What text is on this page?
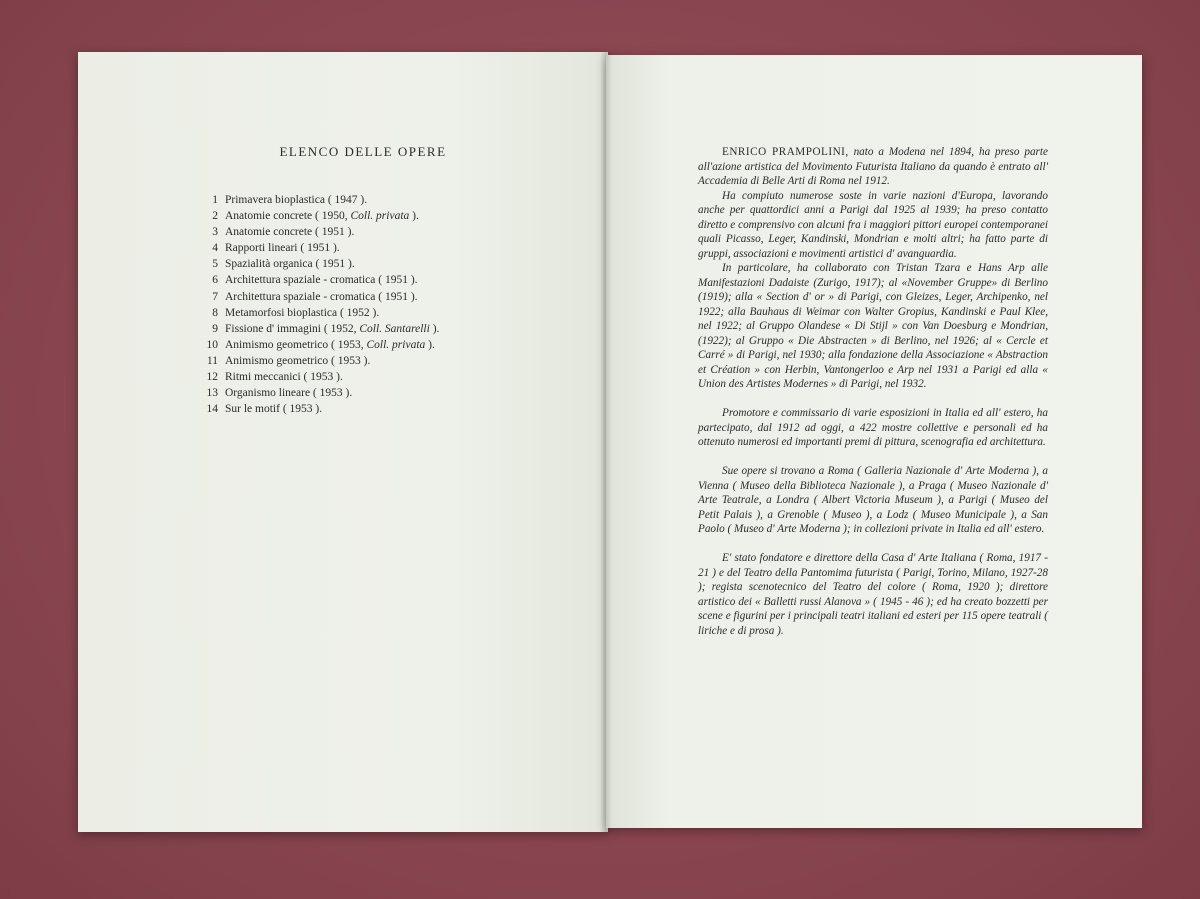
ELENCO DELLE OPERE
1 Primavera bioplastica ( 1947 ).
2 Anatomie concrete ( 1950, Coll. privata ).
3 Anatomie concrete ( 1951 ).
4 Rapporti lineari ( 1951 ).
5 Spazialità organica ( 1951 ).
6 Architettura spaziale - cromatica ( 1951 ).
7 Architettura spaziale - cromatica ( 1951 ).
8 Metamorfosi bioplastica ( 1952 ).
9 Fissione d' immagini ( 1952, Coll. Santarelli ).
10 Animismo geometrico ( 1953, Coll. privata ).
11 Animismo geometrico ( 1953 ).
12 Ritmi meccanici ( 1953 ).
13 Organismo lineare ( 1953 ).
14 Sur le motif ( 1953 ).

ENRICO PRAMPOLINI, nato a Modena nel 1894, ha preso parte all'azione artistica del Movimento Futurista Italiano da quando è entrato all' Accademia di Belle Arti di Roma nel 1912.

Ha compiuto numerose soste in varie nazioni d'Europa, lavorando anche per quattordici anni a Parigi dal 1925 al 1939; ha preso contatto diretto e comprensivo con alcuni fra i maggiori pittori europei contemporanei quali Picasso, Leger, Kandinski, Mondrian e molti altri; ha fatto parte di gruppi, associazioni e movimenti artistici d' avanguardia.

In particolare, ha collaborato con Tristan Tzara e Hans Arp alle Manifestazioni Dadaiste (Zurigo, 1917); al «November Gruppe» di Berlino (1919); alla « Section d' or » di Parigi, con Gleizes, Leger, Archipenko, nel 1922; alla Bauhaus di Weimar con Walter Gropius, Kandinski e Paul Klee, nel 1922; al Gruppo Olandese « Di Stijl » con Van Doesburg e Mondrian, (1922); al Gruppo « Die Abstracten » di Berlino, nel 1926; al « Cercle et Carré » di Parigi, nel 1930; alla fondazione della Associazione « Abstraction et Création » con Herbin, Vantongerloo e Arp nel 1931 a Parigi ed alla « Union des Artistes Modernes » di Parigi, nel 1932.

Promotore e commissario di varie esposizioni in Italia ed all' estero, ha partecipato, dal 1912 ad oggi, a 422 mostre collettive e personali ed ha ottenuto numerosi ed importanti premi di pittura, scenografia ed architettura.

Sue opere si trovano a Roma ( Galleria Nazionale d' Arte Moderna ), a Vienna ( Museo della Biblioteca Nazionale ), a Praga ( Museo Nazionale d' Arte Teatrale, a Londra ( Albert Victoria Museum ), a Parigi ( Museo del Petit Palais ), a Grenoble ( Museo ), a Lodz ( Museo Municipale ), a San Paolo ( Museo d' Arte Moderna ); in collezioni private in Italia ed all' estero.

E' stato fondatore e direttore della Casa d' Arte Italiana ( Roma, 1917 - 21 ) e del Teatro della Pantomima futurista ( Parigi, Torino, Milano, 1927-28 ); regista scenotecnico del Teatro del colore ( Roma, 1920 ); direttore artistico dei « Balletti russi Alanova » ( 1945 - 46 ); ed ha creato bozzetti per scene e figurini per i principali teatri italiani ed esteri per 115 opere teatrali ( liriche e di prosa ).
